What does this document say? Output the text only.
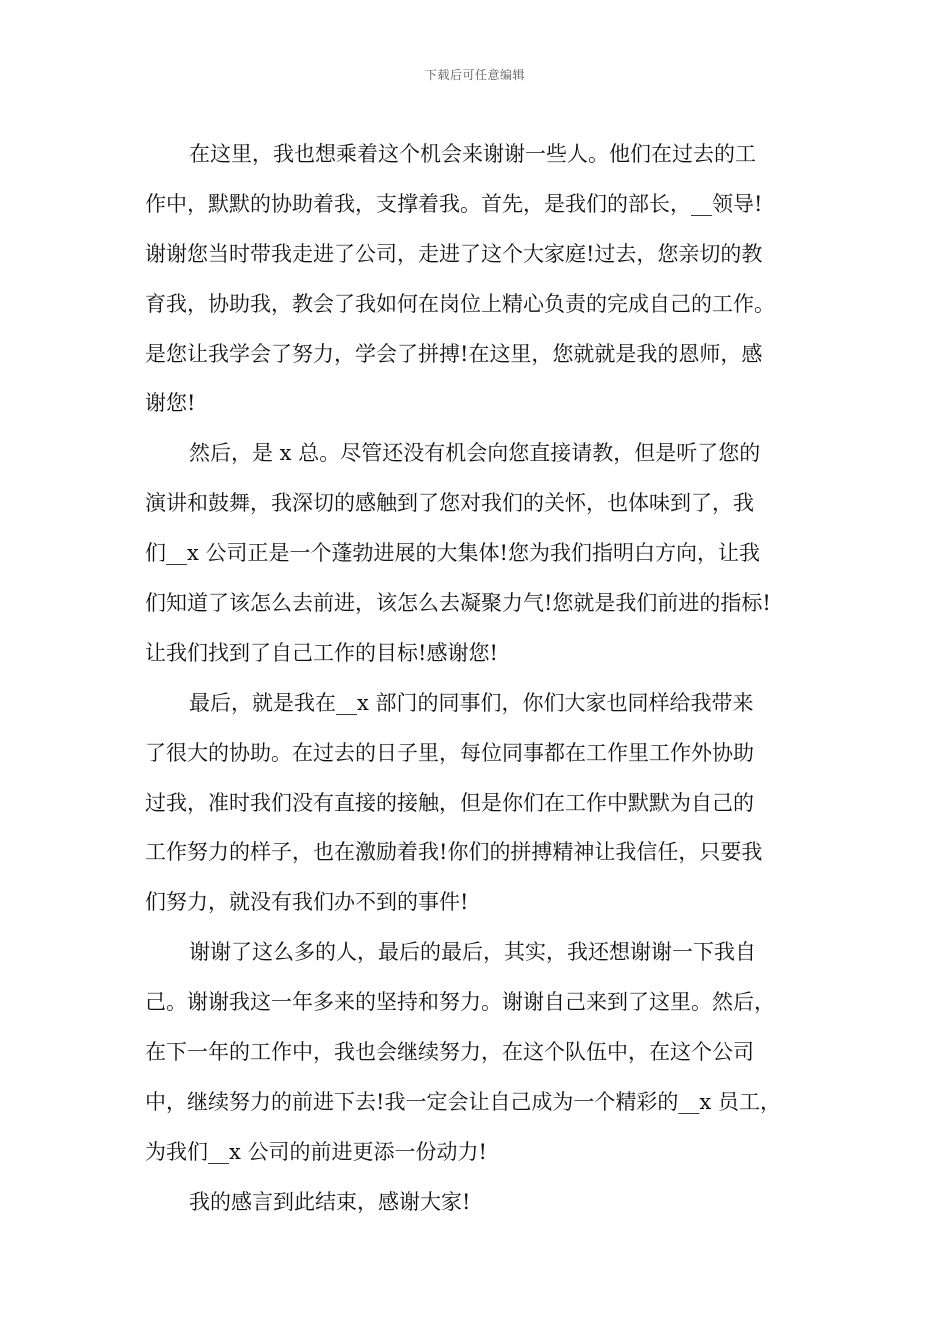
下载后可任意编辑
在这里，我也想乘着这个机会来谢谢一些人。他们在过去的工
作中，默默的协助着我，支撑着我。首先，是我们的部长，__领导!
谢谢您当时带我走进了公司，走进了这个大家庭!过去，您亲切的教
育我，协助我，教会了我如何在岗位上精心负责的完成自己的工作。
是您让我学会了努力，学会了拼搏!在这里，您就就是我的恩师，感
谢您!
然后，是 x 总。尽管还没有机会向您直接请教，但是听了您的
演讲和鼓舞，我深切的感触到了您对我们的关怀，也体味到了，我
们__x 公司正是一个蓬勃进展的大集体!您为我们指明白方向，让我
们知道了该怎么去前进，该怎么去凝聚力气!您就是我们前进的指标!
让我们找到了自己工作的目标!感谢您!
最后，就是我在__x 部门的同事们，你们大家也同样给我带来
了很大的协助。在过去的日子里，每位同事都在工作里工作外协助
过我，准时我们没有直接的接触，但是你们在工作中默默为自己的
工作努力的样子，也在激励着我!你们的拼搏精神让我信任，只要我
们努力，就没有我们办不到的事件!
谢谢了这么多的人，最后的最后，其实，我还想谢谢一下我自
己。谢谢我这一年多来的坚持和努力。谢谢自己来到了这里。然后，
在下一年的工作中，我也会继续努力，在这个队伍中，在这个公司
中，继续努力的前进下去!我一定会让自己成为一个精彩的__x 员工，
为我们__x 公司的前进更添一份动力!
我的感言到此结束，感谢大家!
